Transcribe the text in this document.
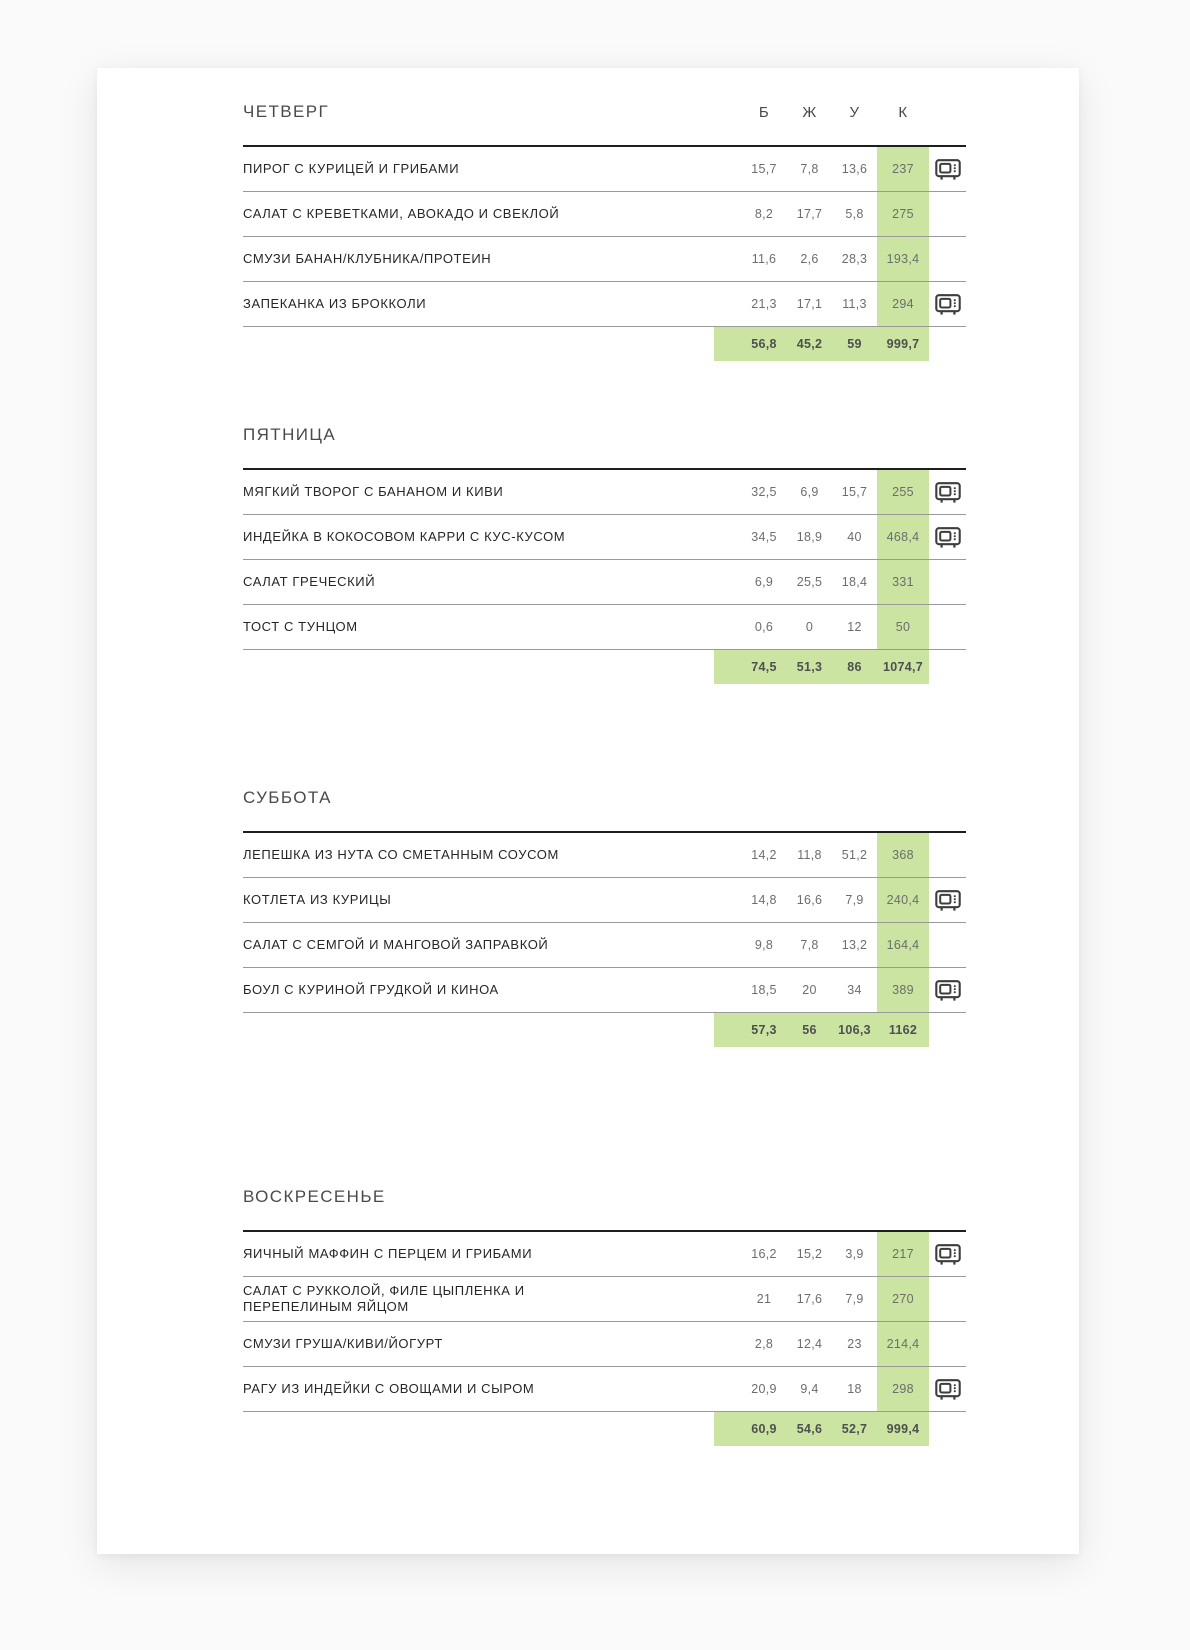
ЧЕТВЕРГ	Б	Ж	У	К
ПИРОГ С КУРИЦЕЙ И ГРИБАМИ	15,7	7,8	13,6	237
САЛАТ С КРЕВЕТКАМИ, АВОКАДО И СВЕКЛОЙ	8,2	17,7	5,8	275
СМУЗИ БАНАН/КЛУБНИКА/ПРОТЕИН	11,6	2,6	28,3	193,4
ЗАПЕКАНКА ИЗ БРОККОЛИ	21,3	17,1	11,3	294
56,8	45,2	59	999,7
ПЯТНИЦА
МЯГКИЙ ТВОРОГ С БАНАНОМ И КИВИ	32,5	6,9	15,7	255
ИНДЕЙКА В КОКОСОВОМ КАРРИ С КУС-КУСОМ	34,5	18,9	40	468,4
САЛАТ ГРЕЧЕСКИЙ	6,9	25,5	18,4	331
ТОСТ С ТУНЦОМ	0,6	0	12	50
74,5	51,3	86	1074,7
СУББОТА
ЛЕПЕШКА ИЗ НУТА СО СМЕТАННЫМ СОУСОМ	14,2	11,8	51,2	368
КОТЛЕТА ИЗ КУРИЦЫ	14,8	16,6	7,9	240,4
САЛАТ С СЕМГОЙ И МАНГОВОЙ ЗАПРАВКОЙ	9,8	7,8	13,2	164,4
БОУЛ С КУРИНОЙ ГРУДКОЙ И КИНОА	18,5	20	34	389
57,3	56	106,3	1162
ВОСКРЕСЕНЬЕ
ЯИЧНЫЙ МАФФИН С ПЕРЦЕМ И ГРИБАМИ	16,2	15,2	3,9	217
САЛАТ С РУККОЛОЙ, ФИЛЕ ЦЫПЛЕНКА И ПЕРЕПЕЛИНЫМ ЯЙЦОМ	21	17,6	7,9	270
СМУЗИ ГРУША/КИВИ/ЙОГУРТ	2,8	12,4	23	214,4
РАГУ ИЗ ИНДЕЙКИ С ОВОЩАМИ И СЫРОМ	20,9	9,4	18	298
60,9	54,6	52,7	999,4
